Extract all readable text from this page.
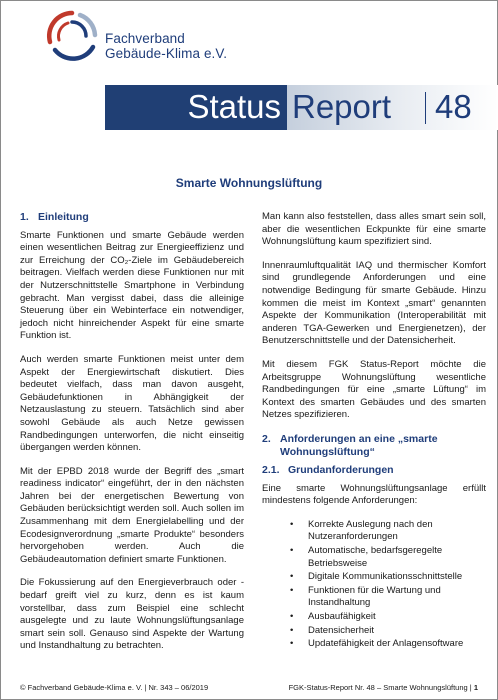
Fachverband
Gebäude-Klima e.V.
Status Report 48
Smarte Wohnungslüftung
1. Einleitung

Smarte Funktionen und smarte Gebäude werden einen wesentlichen Beitrag zur Energieeffizienz und zur Erreichung der CO₂-Ziele im Gebäudebereich beitragen. Vielfach werden diese Funktionen nur mit der Nutzerschnittstelle Smartphone in Verbindung gebracht. Man vergisst dabei, dass die alleinige Steuerung über ein Webinterface ein notwendiger, jedoch nicht hinreichender Aspekt für eine smarte Funktion ist.

Auch werden smarte Funktionen meist unter dem Aspekt der Energiewirtschaft diskutiert. Dies bedeutet vielfach, dass man davon ausgeht, Gebäudefunktionen in Abhängigkeit der Netzauslastung zu steuern. Tatsächlich sind aber sowohl Gebäude als auch Netze gewissen Randbedingungen unterworfen, die nicht einseitig übergangen werden können.

Mit der EPBD 2018 wurde der Begriff des „smart readiness indicator“ eingeführt, der in den nächsten Jahren bei der energetischen Bewertung von Gebäuden berücksichtigt werden soll. Auch sollen im Zusammenhang mit dem Energielabelling und der Ecodesignverordnung „smarte Produkte“ besonders hervorgehoben werden. Auch die Gebäudeautomation definiert smarte Funktionen.

Die Fokussierung auf den Energieverbrauch oder -bedarf greift viel zu kurz, denn es ist kaum vorstellbar, dass zum Beispiel eine schlecht ausgelegte und zu laute Wohnungslüftungsanlage smart sein soll. Genauso sind Aspekte der Wartung und Instandhaltung zu betrachten.

Man kann also feststellen, dass alles smart sein soll, aber die wesentlichen Eckpunkte für eine smarte Wohnungslüftung kaum spezifiziert sind.

Innenraumluftqualität IAQ und thermischer Komfort sind grundlegende Anforderungen und eine notwendige Bedingung für smarte Gebäude. Hinzu kommen die meist im Kontext „smart“ genannten Aspekte der Kommunikation (Interoperabilität mit anderen TGA-Gewerken und Energienetzen), der Benutzerschnittstelle und der Datensicherheit.

Mit diesem FGK Status-Report möchte die Arbeitsgruppe Wohnungslüftung wesentliche Randbedingungen für eine „smarte Lüftung“ im Kontext des smarten Gebäudes und des smarten Netzes spezifizieren.

2. Anforderungen an eine „smarte Wohnungslüftung“
2.1. Grundanforderungen

Eine smarte Wohnungslüftungsanlage erfüllt mindestens folgende Anforderungen:

• Korrekte Auslegung nach den Nutzeranforderungen
• Automatische, bedarfsgeregelte Betriebsweise
• Digitale Kommunikationsschnittstelle
• Funktionen für die Wartung und Instandhaltung
• Ausbaufähigkeit
• Datensicherheit
• Updatefähigkeit der Anlagensoftware
© Fachverband Gebäude-Klima e. V. | Nr. 343 – 06/2019	FGK-Status-Report Nr. 48 – Smarte Wohnungslüftung | 1
